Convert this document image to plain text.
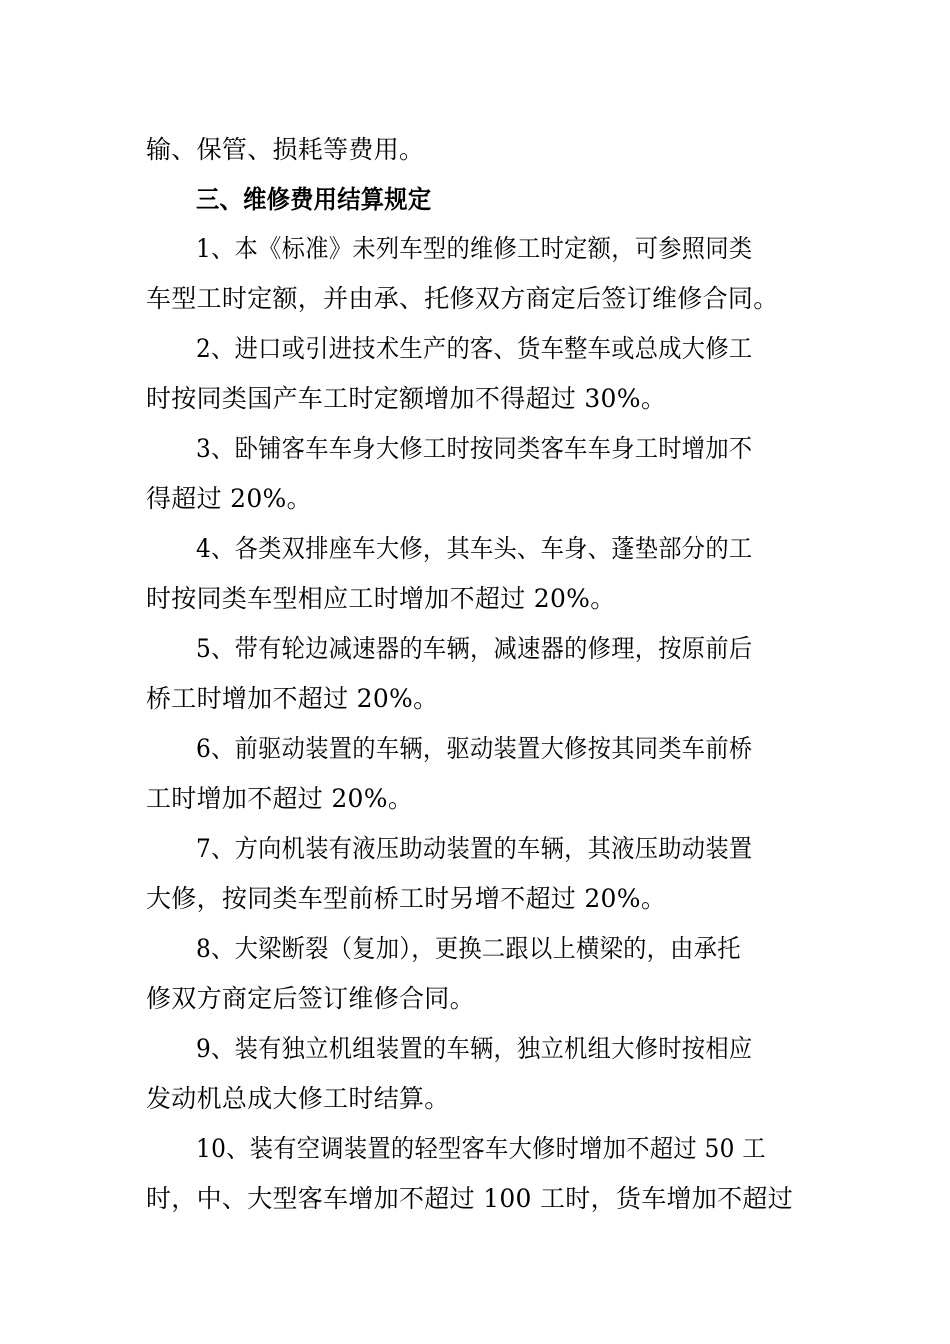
输、保管、损耗等费用。
三、维修费用结算规定
1、本《标准》未列车型的维修工时定额，可参照同类
车型工时定额，并由承、托修双方商定后签订维修合同。
2、进口或引进技术生产的客、货车整车或总成大修工
时按同类国产车工时定额增加不得超过 30%。
3、卧铺客车车身大修工时按同类客车车身工时增加不
得超过 20%。
4、各类双排座车大修，其车头、车身、蓬垫部分的工
时按同类车型相应工时增加不超过 20%。
5、带有轮边减速器的车辆，减速器的修理，按原前后
桥工时增加不超过 20%。
6、前驱动装置的车辆，驱动装置大修按其同类车前桥
工时增加不超过 20%。
7、方向机装有液压助动装置的车辆，其液压助动装置
大修，按同类车型前桥工时另增不超过 20%。
8、大梁断裂（复加），更换二跟以上横梁的，由承托
修双方商定后签订维修合同。
9、装有独立机组装置的车辆，独立机组大修时按相应
发动机总成大修工时结算。
10、装有空调装置的轻型客车大修时增加不超过 50 工
时，中、大型客车增加不超过 100 工时，货车增加不超过
